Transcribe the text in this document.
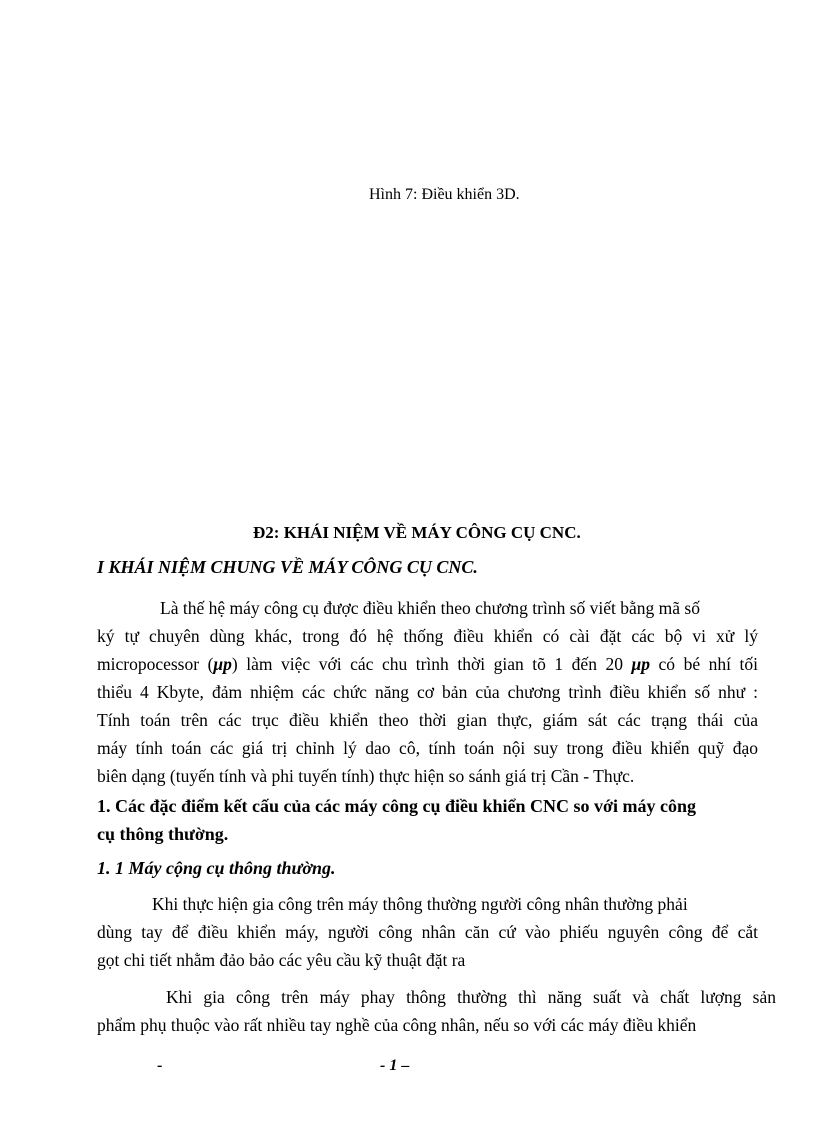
Hình 7: Điều khiển 3D.
Đ2: KHÁI NIỆM VỀ MÁY CÔNG CỤ CNC.
I KHÁI NIỆM CHUNG VỀ MÁY CÔNG CỤ CNC.
Là thế hệ máy công cụ được điều khiển theo chương trình số viết bằng mã số
ký tự chuyên dùng khác, trong đó hệ thống điều khiển có cài đặt các bộ vi xử lý
micropocessor (μp) làm việc với các chu trình thời gian tõ 1 đến 20 μp có bé nhí tối
thiểu 4 Kbyte, đảm nhiệm các chức năng cơ bản của chương trình điều khiển số như :
Tính toán trên các trục điều khiển theo thời gian thực, giám sát các trạng thái của
máy tính toán các giá trị chỉnh lý dao cô, tính toán nội suy trong điều khiển quỹ đạo
biên dạng (tuyến tính và phi tuyến tính) thực hiện so sánh giá trị Cần - Thực.
1. Các đặc điểm kết cấu của các máy công cụ điều khiển CNC so với máy công
cụ thông thường.
1. 1 Máy cộng cụ thông thường.
Khi thực hiện gia công trên máy thông thường người công nhân thường phải
dùng tay để điều khiển máy, người công nhân căn cứ vào phiếu nguyên công để cắt
gọt chi tiết nhằm đảo bảo các yêu cầu kỹ thuật đặt ra
Khi gia công trên máy phay thông thường thì năng suất và chất lượng sản
phẩm phụ thuộc vào rất nhiều tay nghề của công nhân, nếu so với các máy điều khiển
-	- 1 –
